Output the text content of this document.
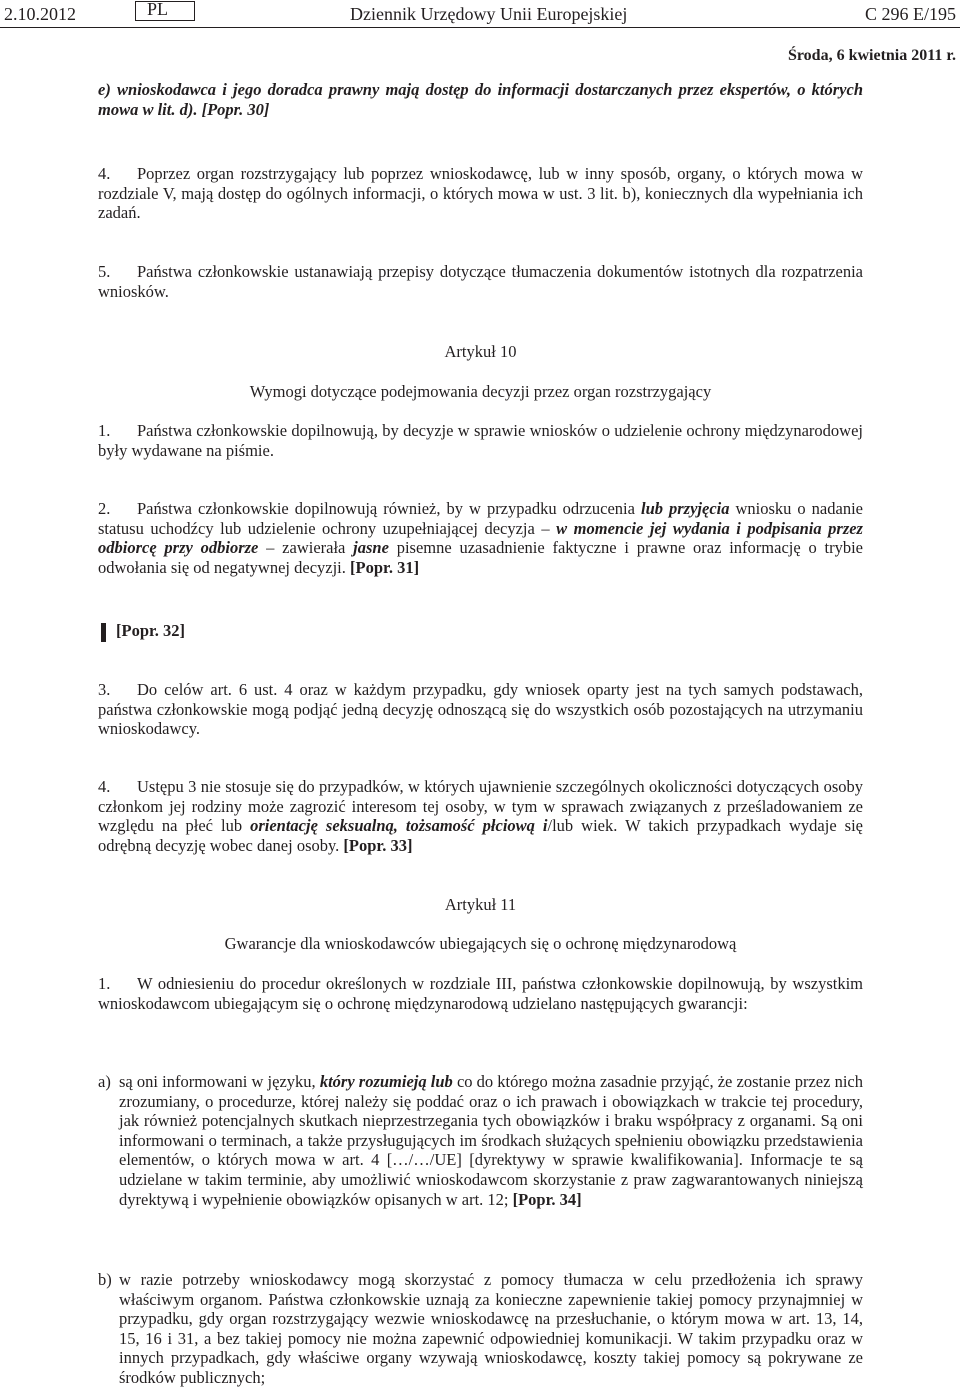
2.10.2012	PL	Dziennik Urzędowy Unii Europejskiej	C 296 E/195
Środa, 6 kwietnia 2011 r.

e) wnioskodawca i jego doradca prawny mają dostęp do informacji dostarczanych przez ekspertów, o których mowa w lit. d). [Popr. 30]

4. Poprzez organ rozstrzygający lub poprzez wnioskodawcę, lub w inny sposób, organy, o których mowa w rozdziale V, mają dostęp do ogólnych informacji, o których mowa w ust. 3 lit. b), koniecznych dla wypełniania ich zadań.

5. Państwa członkowskie ustanawiają przepisy dotyczące tłumaczenia dokumentów istotnych dla rozpatrzenia wniosków.

Artykuł 10
Wymogi dotyczące podejmowania decyzji przez organ rozstrzygający

1. Państwa członkowskie dopilnowują, by decyzje w sprawie wniosków o udzielenie ochrony międzynarodowej były wydawane na piśmie.

2. Państwa członkowskie dopilnowują również, by w przypadku odrzucenia lub przyjęcia wniosku o nadanie statusu uchodźcy lub udzielenie ochrony uzupełniającej decyzja – w momencie jej wydania i podpisania przez odbiorcę przy odbiorze – zawierała jasne pisemne uzasadnienie faktyczne i prawne oraz informację o trybie odwołania się od negatywnej decyzji. [Popr. 31]

[Popr. 32]

3. Do celów art. 6 ust. 4 oraz w każdym przypadku, gdy wniosek oparty jest na tych samych podstawach, państwa członkowskie mogą podjąć jedną decyzję odnoszącą się do wszystkich osób pozostających na utrzymaniu wnioskodawcy.

4. Ustępu 3 nie stosuje się do przypadków, w których ujawnienie szczególnych okoliczności dotyczących osoby członkom jej rodziny może zagrozić interesom tej osoby, w tym w sprawach związanych z prześladowaniem ze względu na płeć lub orientację seksualną, tożsamość płciową i/lub wiek. W takich przypadkach wydaje się odrębną decyzję wobec danej osoby. [Popr. 33]

Artykuł 11
Gwarancje dla wnioskodawców ubiegających się o ochronę międzynarodową

1. W odniesieniu do procedur określonych w rozdziale III, państwa członkowskie dopilnowują, by wszystkim wnioskodawcom ubiegającym się o ochronę międzynarodową udzielano następujących gwarancji:

a) są oni informowani w języku, który rozumieją lub co do którego można zasadnie przyjąć, że zostanie przez nich zrozumiany, o procedurze, której należy się poddać oraz o ich prawach i obowiązkach w trakcie tej procedury, jak również potencjalnych skutkach nieprzestrzegania tych obowiązków i braku współpracy z organami. Są oni informowani o terminach, a także przysługujących im środkach służących spełnieniu obowiązku przedstawienia elementów, o których mowa w art. 4 […/…/UE] [dyrektywy w sprawie kwalifikowania]. Informacje te są udzielane w takim terminie, aby umożliwić wnioskodawcom skorzystanie z praw zagwarantowanych niniejszą dyrektywą i wypełnienie obowiązków opisanych w art. 12; [Popr. 34]
b) w razie potrzeby wnioskodawcy mogą skorzystać z pomocy tłumacza w celu przedłożenia ich sprawy właściwym organom. Państwa członkowskie uznają za konieczne zapewnienie takiej pomocy przynajmniej w przypadku, gdy organ rozstrzygający wezwie wnioskodawcę na przesłuchanie, o którym mowa w art. 13, 14, 15, 16 i 31, a bez takiej pomocy nie można zapewnić odpowiedniej komunikacji. W takim przypadku oraz w innych przypadkach, gdy właściwe organy wzywają wnioskodawcę, koszty takiej pomocy są pokrywane ze środków publicznych;
